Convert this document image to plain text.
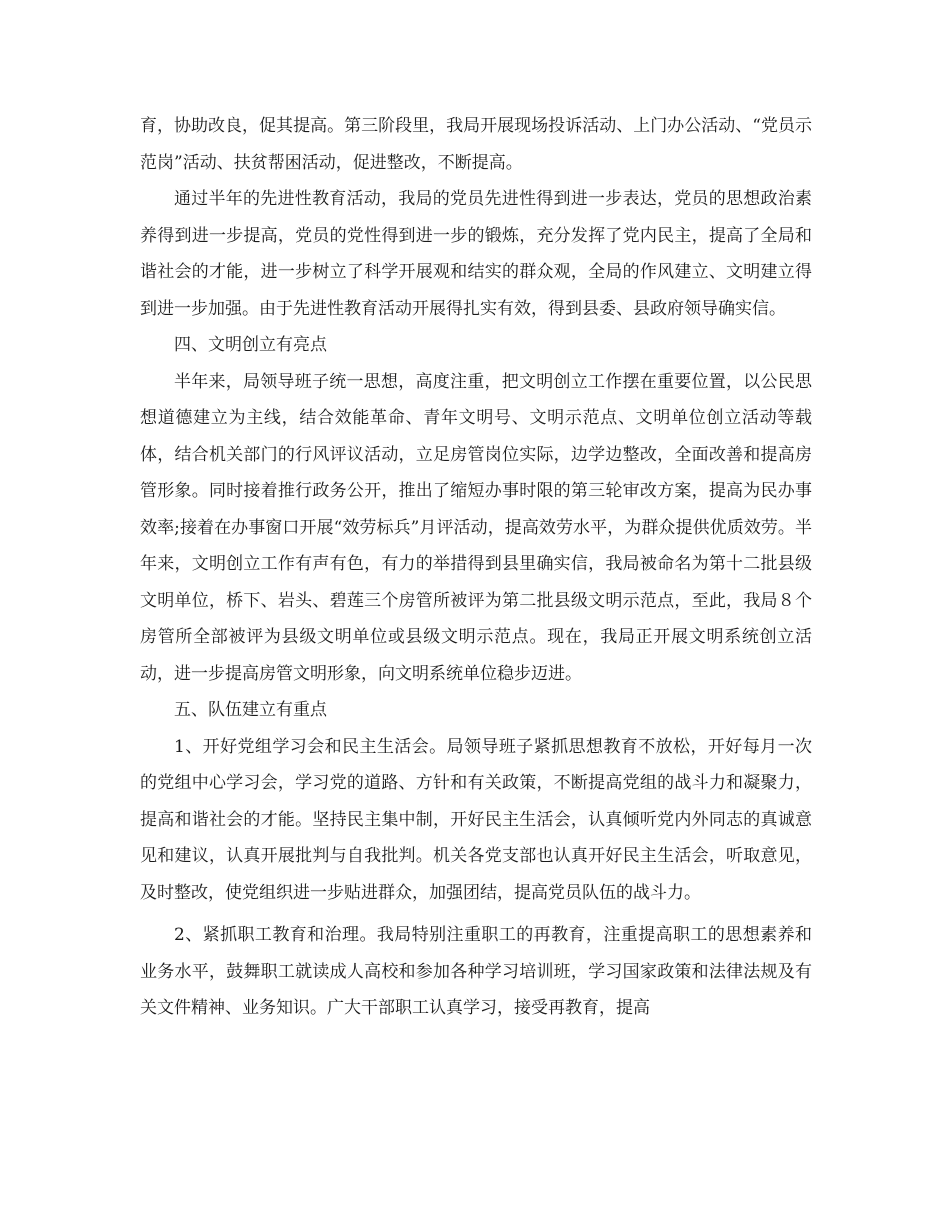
育，协助改良，促其提高。第三阶段里，我局开展现场投诉活动、上门办公活动、“党员示范岗”活动、扶贫帮困活动，促进整改，不断提高。

通过半年的先进性教育活动，我局的党员先进性得到进一步表达，党员的思想政治素养得到进一步提高，党员的党性得到进一步的锻炼，充分发挥了党内民主，提高了全局和谐社会的才能，进一步树立了科学开展观和结实的群众观，全局的作风建立、文明建立得到进一步加强。由于先进性教育活动开展得扎实有效，得到县委、县政府领导确实信。

四、文明创立有亮点

半年来，局领导班子统一思想，高度注重，把文明创立工作摆在重要位置，以公民思想道德建立为主线，结合效能革命、青年文明号、文明示范点、文明单位创立活动等载体，结合机关部门的行风评议活动，立足房管岗位实际，边学边整改，全面改善和提高房管形象。同时接着推行政务公开，推出了缩短办事时限的第三轮审改方案，提高为民办事效率;接着在办事窗口开展“效劳标兵”月评活动，提高效劳水平，为群众提供优质效劳。半年来，文明创立工作有声有色，有力的举措得到县里确实信，我局被命名为第十二批县级文明单位，桥下、岩头、碧莲三个房管所被评为第二批县级文明示范点，至此，我局８个房管所全部被评为县级文明单位或县级文明示范点。现在，我局正开展文明系统创立活动，进一步提高房管文明形象，向文明系统单位稳步迈进。

五、队伍建立有重点

1、开好党组学习会和民主生活会。局领导班子紧抓思想教育不放松，开好每月一次的党组中心学习会，学习党的道路、方针和有关政策，不断提高党组的战斗力和凝聚力，提高和谐社会的才能。坚持民主集中制，开好民主生活会，认真倾听党内外同志的真诚意见和建议，认真开展批判与自我批判。机关各党支部也认真开好民主生活会，听取意见，及时整改，使党组织进一步贴进群众，加强团结，提高党员队伍的战斗力。

2、紧抓职工教育和治理。我局特别注重职工的再教育，注重提高职工的思想素养和业务水平，鼓舞职工就读成人高校和参加各种学习培训班，学习国家政策和法律法规及有关文件精神、业务知识。广大干部职工认真学习，接受再教育，提高
